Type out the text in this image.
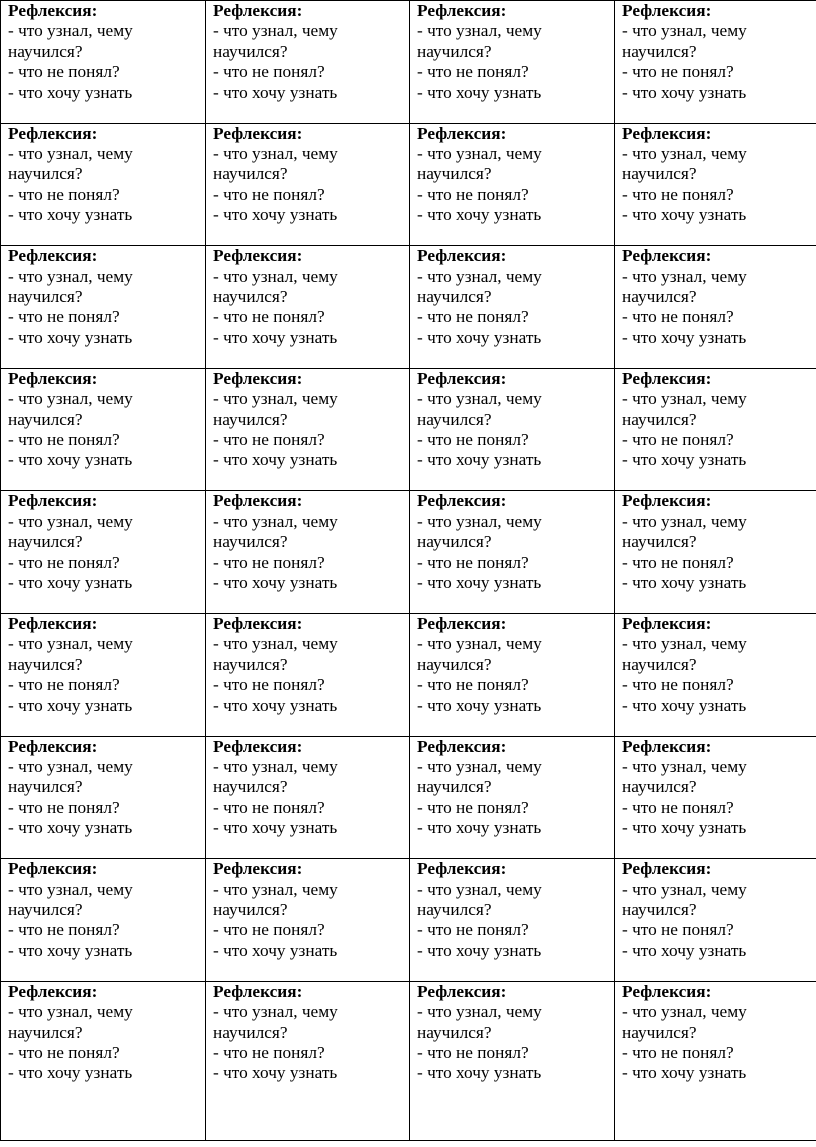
Рефлексия:
- что узнал, чему научился?
- что не понял?
- что хочу узнать	Рефлексия:
- что узнал, чему научился?
- что не понял?
- что хочу узнать	Рефлексия:
- что узнал, чему научился?
- что не понял?
- что хочу узнать	Рефлексия:
- что узнал, чему научился?
- что не понял?
- что хочу узнать

Рефлексия:
- что узнал, чему научился?
- что не понял?
- что хочу узнать	Рефлексия:
- что узнал, чему научился?
- что не понял?
- что хочу узнать	Рефлексия:
- что узнал, чему научился?
- что не понял?
- что хочу узнать	Рефлексия:
- что узнал, чему научился?
- что не понял?
- что хочу узнать

Рефлексия:
- что узнал, чему научился?
- что не понял?
- что хочу узнать	Рефлексия:
- что узнал, чему научился?
- что не понял?
- что хочу узнать	Рефлексия:
- что узнал, чему научился?
- что не понял?
- что хочу узнать	Рефлексия:
- что узнал, чему научился?
- что не понял?
- что хочу узнать

Рефлексия:
- что узнал, чему научился?
- что не понял?
- что хочу узнать	Рефлексия:
- что узнал, чему научился?
- что не понял?
- что хочу узнать	Рефлексия:
- что узнал, чему научился?
- что не понял?
- что хочу узнать	Рефлексия:
- что узнал, чему научился?
- что не понял?
- что хочу узнать

Рефлексия:
- что узнал, чему научился?
- что не понял?
- что хочу узнать	Рефлексия:
- что узнал, чему научился?
- что не понял?
- что хочу узнать	Рефлексия:
- что узнал, чему научился?
- что не понял?
- что хочу узнать	Рефлексия:
- что узнал, чему научился?
- что не понял?
- что хочу узнать

Рефлексия:
- что узнал, чему научился?
- что не понял?
- что хочу узнать	Рефлексия:
- что узнал, чему научился?
- что не понял?
- что хочу узнать	Рефлексия:
- что узнал, чему научился?
- что не понял?
- что хочу узнать	Рефлексия:
- что узнал, чему научился?
- что не понял?
- что хочу узнать

Рефлексия:
- что узнал, чему научился?
- что не понял?
- что хочу узнать	Рефлексия:
- что узнал, чему научился?
- что не понял?
- что хочу узнать	Рефлексия:
- что узнал, чему научился?
- что не понял?
- что хочу узнать	Рефлексия:
- что узнал, чему научился?
- что не понял?
- что хочу узнать

Рефлексия:
- что узнал, чему научился?
- что не понял?
- что хочу узнать	Рефлексия:
- что узнал, чему научился?
- что не понял?
- что хочу узнать	Рефлексия:
- что узнал, чему научился?
- что не понял?
- что хочу узнать	Рефлексия:
- что узнал, чему научился?
- что не понял?
- что хочу узнать

Рефлексия:
- что узнал, чему научился?
- что не понял?
- что хочу узнать	Рефлексия:
- что узнал, чему научился?
- что не понял?
- что хочу узнать	Рефлексия:
- что узнал, чему научился?
- что не понял?
- что хочу узнать	Рефлексия:
- что узнал, чему научился?
- что не понял?
- что хочу узнать
